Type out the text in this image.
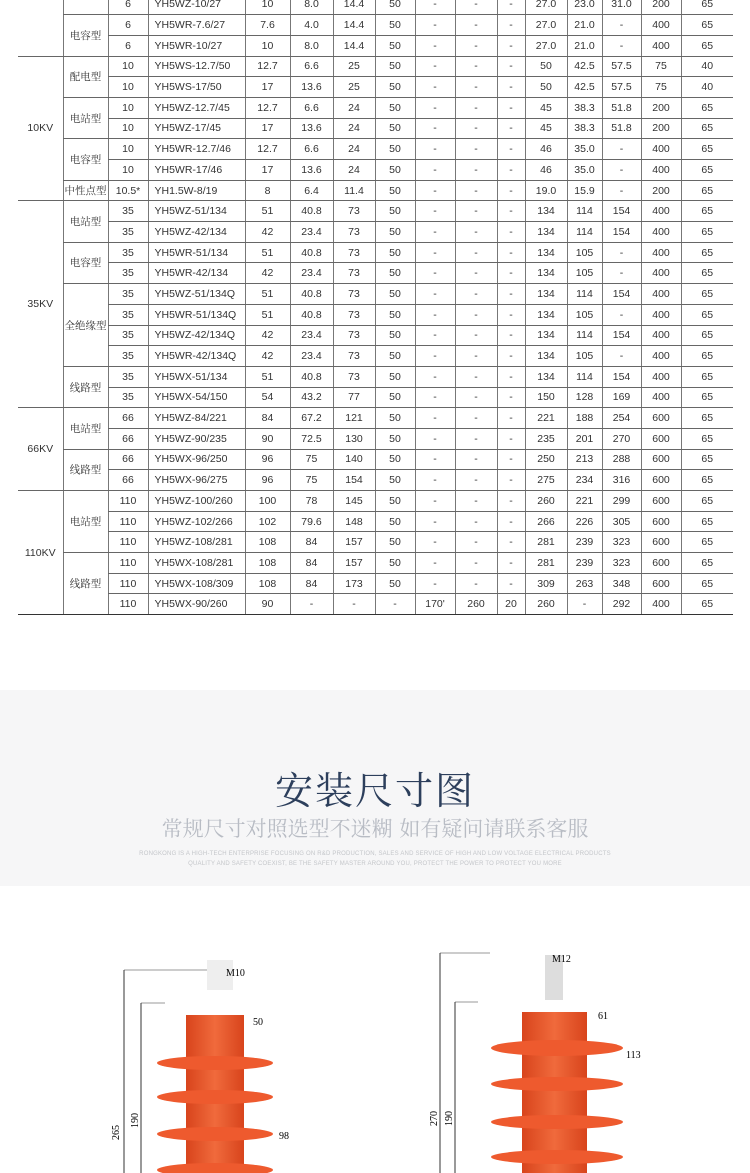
		6	YH5WZ-10/27	10	8.0	14.4	50	-	-	-	27.0	23.0	31.0	200	65
	电容型	6	YH5WR-7.6/27	7.6	4.0	14.4	50	-	-	-	27.0	21.0	-	400	65
		6	YH5WR-10/27	10	8.0	14.4	50	-	-	-	27.0	21.0	-	400	65
10KV	配电型	10	YH5WS-12.7/50	12.7	6.6	25	50	-	-	-	50	42.5	57.5	75	40
		10	YH5WS-17/50	17	13.6	25	50	-	-	-	50	42.5	57.5	75	40
	电站型	10	YH5WZ-12.7/45	12.7	6.6	24	50	-	-	-	45	38.3	51.8	200	65
		10	YH5WZ-17/45	17	13.6	24	50	-	-	-	45	38.3	51.8	200	65
	电容型	10	YH5WR-12.7/46	12.7	6.6	24	50	-	-	-	46	35.0	-	400	65
		10	YH5WR-17/46	17	13.6	24	50	-	-	-	46	35.0	-	400	65
	中性点型	10.5*	YH1.5W-8/19	8	6.4	11.4	50	-	-	-	19.0	15.9	-	200	65
35KV	电站型	35	YH5WZ-51/134	51	40.8	73	50	-	-	-	134	114	154	400	65
		35	YH5WZ-42/134	42	23.4	73	50	-	-	-	134	114	154	400	65
	电容型	35	YH5WR-51/134	51	40.8	73	50	-	-	-	134	105	-	400	65
		35	YH5WR-42/134	42	23.4	73	50	-	-	-	134	105	-	400	65
	全绝缘型	35	YH5WZ-51/134Q	51	40.8	73	50	-	-	-	134	114	154	400	65
		35	YH5WR-51/134Q	51	40.8	73	50	-	-	-	134	105	-	400	65
		35	YH5WZ-42/134Q	42	23.4	73	50	-	-	-	134	114	154	400	65
		35	YH5WR-42/134Q	42	23.4	73	50	-	-	-	134	105	-	400	65
	线路型	35	YH5WX-51/134	51	40.8	73	50	-	-	-	134	114	154	400	65
		35	YH5WX-54/150	54	43.2	77	50	-	-	-	150	128	169	400	65
66KV	电站型	66	YH5WZ-84/221	84	67.2	121	50	-	-	-	221	188	254	600	65
		66	YH5WZ-90/235	90	72.5	130	50	-	-	-	235	201	270	600	65
	线路型	66	YH5WX-96/250	96	75	140	50	-	-	-	250	213	288	600	65
		66	YH5WX-96/275	96	75	154	50	-	-	-	275	234	316	600	65
110KV	电站型	110	YH5WZ-100/260	100	78	145	50	-	-	-	260	221	299	600	65
		110	YH5WZ-102/266	102	79.6	148	50	-	-	-	266	226	305	600	65
		110	YH5WZ-108/281	108	84	157	50	-	-	-	281	239	323	600	65
	线路型	110	YH5WX-108/281	108	84	157	50	-	-	-	281	239	323	600	65
		110	YH5WX-108/309	108	84	173	50	-	-	-	309	263	348	600	65
		110	YH5WX-90/260	90	-	-	-	170'	260	20	260	-	292	400	65
安装尺寸图
常规尺寸对照选型不迷糊 如有疑问请联系客服
RONGKONG IS A HIGH-TECH ENTERPRISE FOCUSING ON R&D PRODUCTION, SALES AND SERVICE OF HIGH AND LOW VOLTAGE ELECTRICAL PRODUCTS
QUALITY AND SAFETY COEXIST, BE THE SAFETY MASTER AROUND YOU, PROTECT THE POWER TO PROTECT YOU MORE
M10
50
98
265
190
M12
61
113
270 190
